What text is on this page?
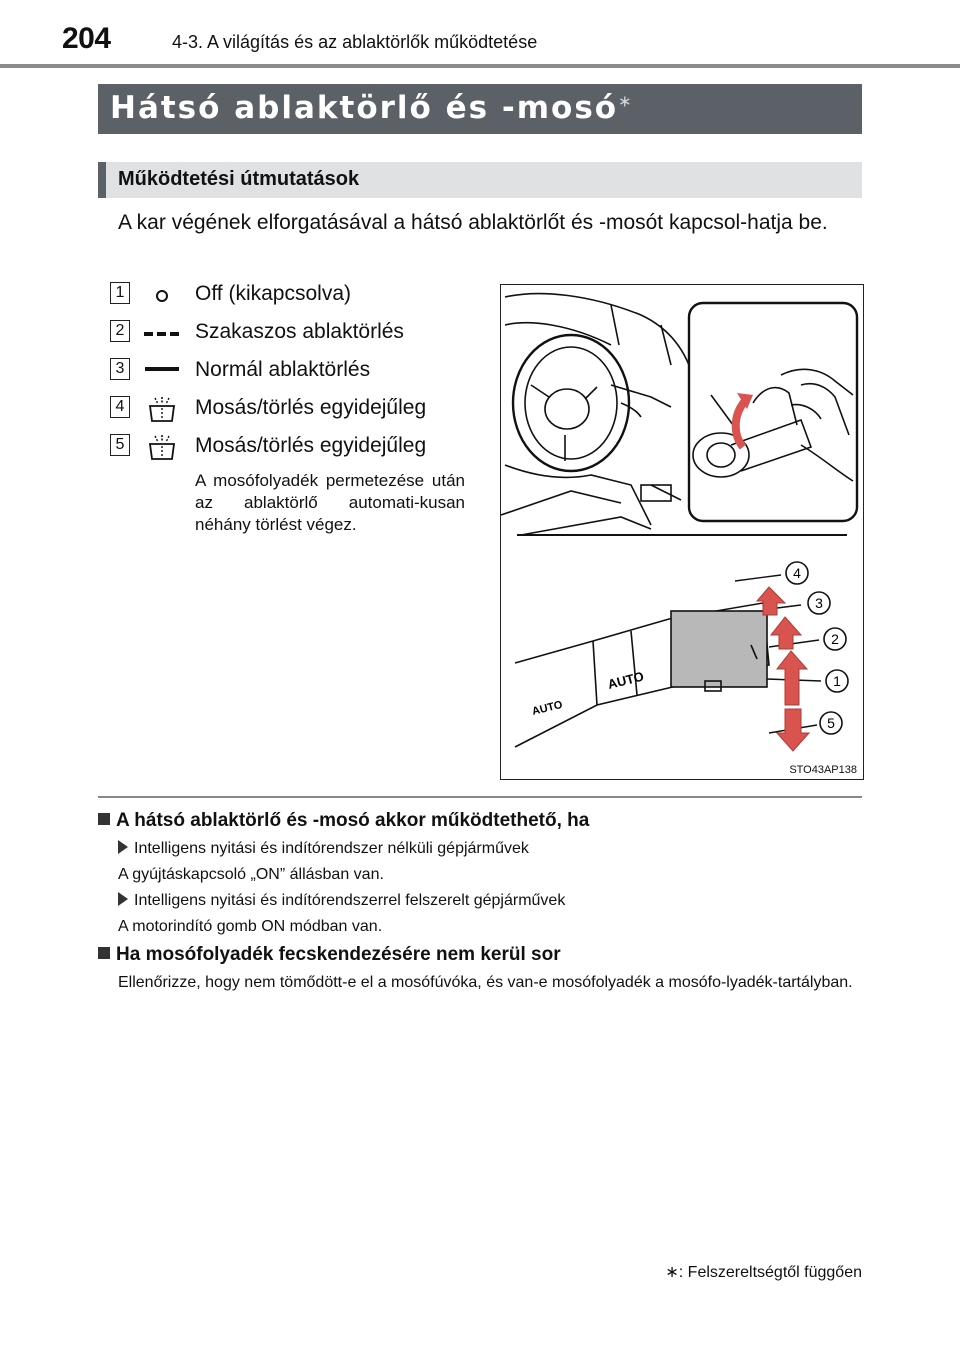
204	4-3. A világítás és az ablaktörlők működtetése
Hátsó ablaktörlő és -mosó∗
Működtetési útmutatások
A kar végének elforgatásával a hátsó ablaktörlőt és -mosót kapcsol-hatja be.
1	Off (kikapcsolva)
2	Szakaszos ablaktörlés
3	Normál ablaktörlés
4	Mosás/törlés egyidejűleg
5	Mosás/törlés egyidejűleg
A mosófolyadék permetezése után az ablaktörlő automati-kusan néhány törlést végez.
AUTO
AUTO
4
3
2
1
5
STO43AP138
A hátsó ablaktörlő és -mosó akkor működtethető, ha
Intelligens nyitási és indítórendszer nélküli gépjárművek
A gyújtáskapcsoló „ON” állásban van.
Intelligens nyitási és indítórendszerrel felszerelt gépjárművek
A motorindító gomb ON módban van.
Ha mosófolyadék fecskendezésére nem kerül sor
Ellenőrizze, hogy nem tömődött-e el a mosófúvóka, és van-e mosófolyadék a mosófo-lyadék-tartályban.
∗: Felszereltségtől függően
